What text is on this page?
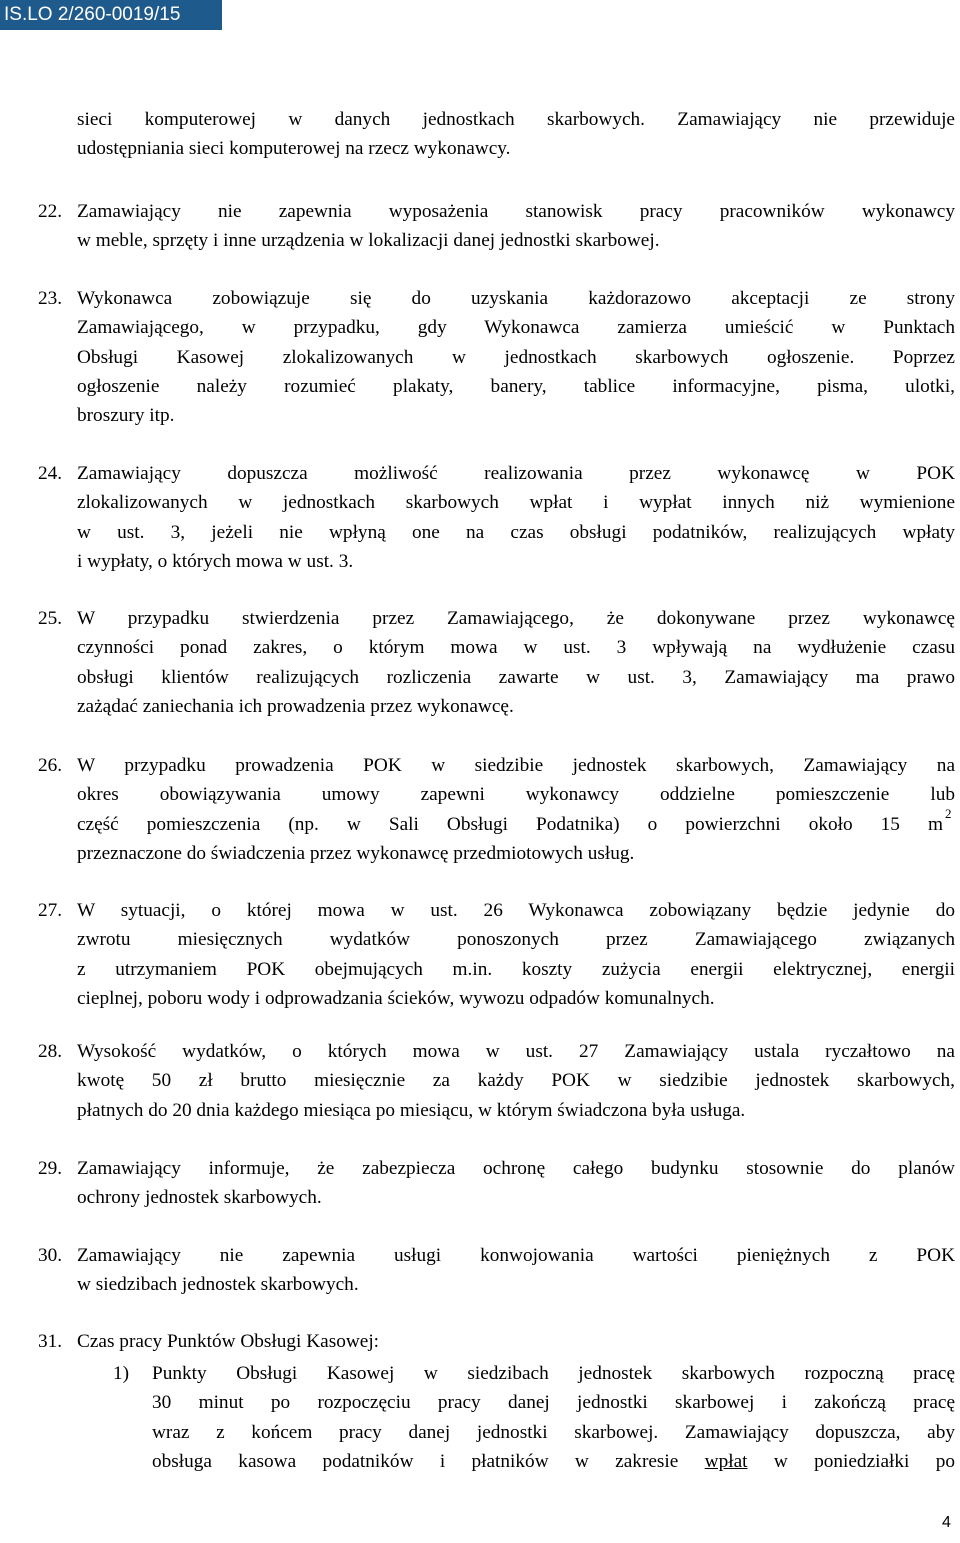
IS.LO 2/260-0019/15
sieci komputerowej w danych jednostkach skarbowych. Zamawiający nie przewiduje
udostępniania sieci komputerowej na rzecz wykonawcy.
22. Zamawiający nie zapewnia wyposażenia stanowisk pracy pracowników wykonawcy
w meble, sprzęty i inne urządzenia w lokalizacji danej jednostki skarbowej.
23. Wykonawca zobowiązuje się do uzyskania każdorazowo akceptacji ze strony
Zamawiającego, w przypadku, gdy Wykonawca zamierza umieścić w Punktach
Obsługi Kasowej zlokalizowanych w jednostkach skarbowych ogłoszenie. Poprzez
ogłoszenie należy rozumieć plakaty, banery, tablice informacyjne, pisma, ulotki,
broszury itp.
24. Zamawiający dopuszcza możliwość realizowania przez wykonawcę w POK
zlokalizowanych w jednostkach skarbowych wpłat i wypłat innych niż wymienione
w ust. 3, jeżeli nie wpłyną one na czas obsługi podatników, realizujących wpłaty
i wypłaty, o których mowa w ust. 3.
25. W przypadku stwierdzenia przez Zamawiającego, że dokonywane przez wykonawcę
czynności ponad zakres, o którym mowa w ust. 3 wpływają na wydłużenie czasu
obsługi klientów realizujących rozliczenia zawarte w ust. 3, Zamawiający ma prawo
zażądać zaniechania ich prowadzenia przez wykonawcę.
26. W przypadku prowadzenia POK w siedzibie jednostek skarbowych, Zamawiający na
okres obowiązywania umowy zapewni wykonawcy oddzielne pomieszczenie lub
część pomieszczenia (np. w Sali Obsługi Podatnika) o powierzchni około 15 m
2
przeznaczone do świadczenia przez wykonawcę przedmiotowych usług.
27. W sytuacji, o której mowa w ust. 26 Wykonawca zobowiązany będzie jedynie do
zwrotu miesięcznych wydatków ponoszonych przez Zamawiającego związanych
z utrzymaniem POK obejmujących m.in. koszty zużycia energii elektrycznej, energii
cieplnej, poboru wody i odprowadzania ścieków, wywozu odpadów komunalnych.
28. Wysokość wydatków, o których mowa w ust. 27 Zamawiający ustala ryczałtowo na
kwotę 50 zł brutto miesięcznie za każdy POK w siedzibie jednostek skarbowych,
płatnych do 20 dnia każdego miesiąca po miesiącu, w którym świadczona była usługa.
29. Zamawiający informuje, że zabezpiecza ochronę całego budynku stosownie do planów
ochrony jednostek skarbowych.
30. Zamawiający nie zapewnia usługi konwojowania wartości pieniężnych z POK
w siedzibach jednostek skarbowych.
31. Czas pracy Punktów Obsługi Kasowej:
1) Punkty Obsługi Kasowej w siedzibach jednostek skarbowych rozpoczną pracę
30 minut po rozpoczęciu pracy danej jednostki skarbowej i zakończą pracę
wraz z końcem pracy danej jednostki skarbowej. Zamawiający dopuszcza, aby
obsługa kasowa podatników i płatników w zakresie wpłat w poniedziałki po
4
